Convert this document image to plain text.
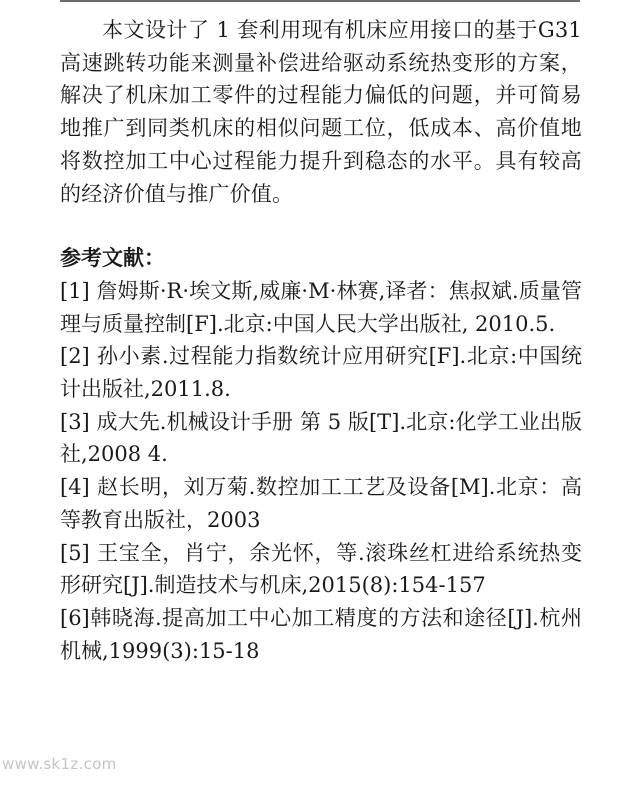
本文设计了 1 套利用现有机床应用接口的基于G31 高速跳转功能来测量补偿进给驱动系统热变形的方案，解决了机床加工零件的过程能力偏低的问题，并可简易地推广到同类机床的相似问题工位，低成本、高价值地将数控加工中心过程能力提升到稳态的水平。具有较高的经济价值与推广价值。

参考文献：

[1] 詹姆斯·R·埃文斯,威廉·M·林赛,译者：焦叔斌.质量管理与质量控制[F].北京:中国人民大学出版社, 2010.5.

[2] 孙小素.过程能力指数统计应用研究[F].北京:中国统计出版社,2011.8.

[3] 成大先.机械设计手册 第 5 版[T].北京:化学工业出版社,2008 4.

[4] 赵长明，刘万菊.数控加工工艺及设备[M].北京：高等教育出版社，2003

[5] 王宝全，肖宁，余光怀，等.滚珠丝杠进给系统热变形研究[J].制造技术与机床,2015(8):154-157

[6]韩晓海.提高加工中心加工精度的方法和途径[J].杭州机械,1999(3):15-18

www.sk1z.com
